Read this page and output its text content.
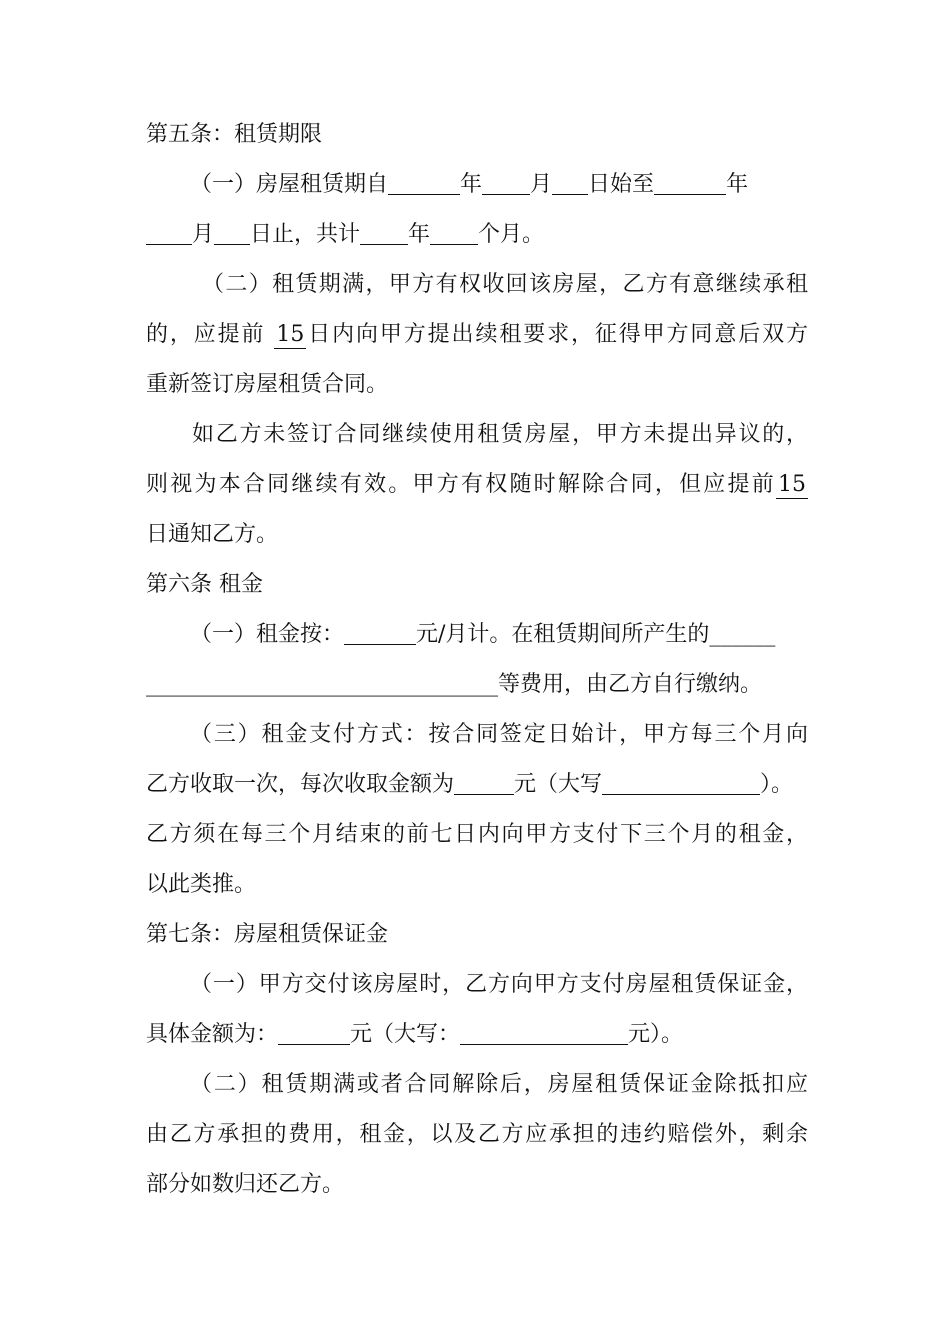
第五条：租赁期限
（一）房屋租赁期自	年 月 日始至	年
月 日止，共计 年 个月。
（二）租赁期满，甲方有权收回该房屋，乙方有意继续承租
的，应提前 15日内向甲方提出续租要求，征得甲方同意后双方
重新签订房屋租赁合同。
如乙方未签订合同继续使用租赁房屋，甲方未提出异议的，
则视为本合同继续有效。甲方有权随时解除合同，但应提前15
日通知乙方。
第六条 租金
（一）租金按：	元/月计。在租赁期间所产生的______
________________________________等费用，由乙方自行缴纳。
（三）租金支付方式：按合同签定日始计，甲方每三个月向
乙方收取一次，每次收取金额为	元（大写	）。
乙方须在每三个月结束的前七日内向甲方支付下三个月的租金，
以此类推。
第七条：房屋租赁保证金
（一）甲方交付该房屋时，乙方向甲方支付房屋租赁保证金，
具体金额为：	元（大写：	元）。
（二）租赁期满或者合同解除后，房屋租赁保证金除抵扣应
由乙方承担的费用，租金，以及乙方应承担的违约赔偿外，剩余
部分如数归还乙方。
